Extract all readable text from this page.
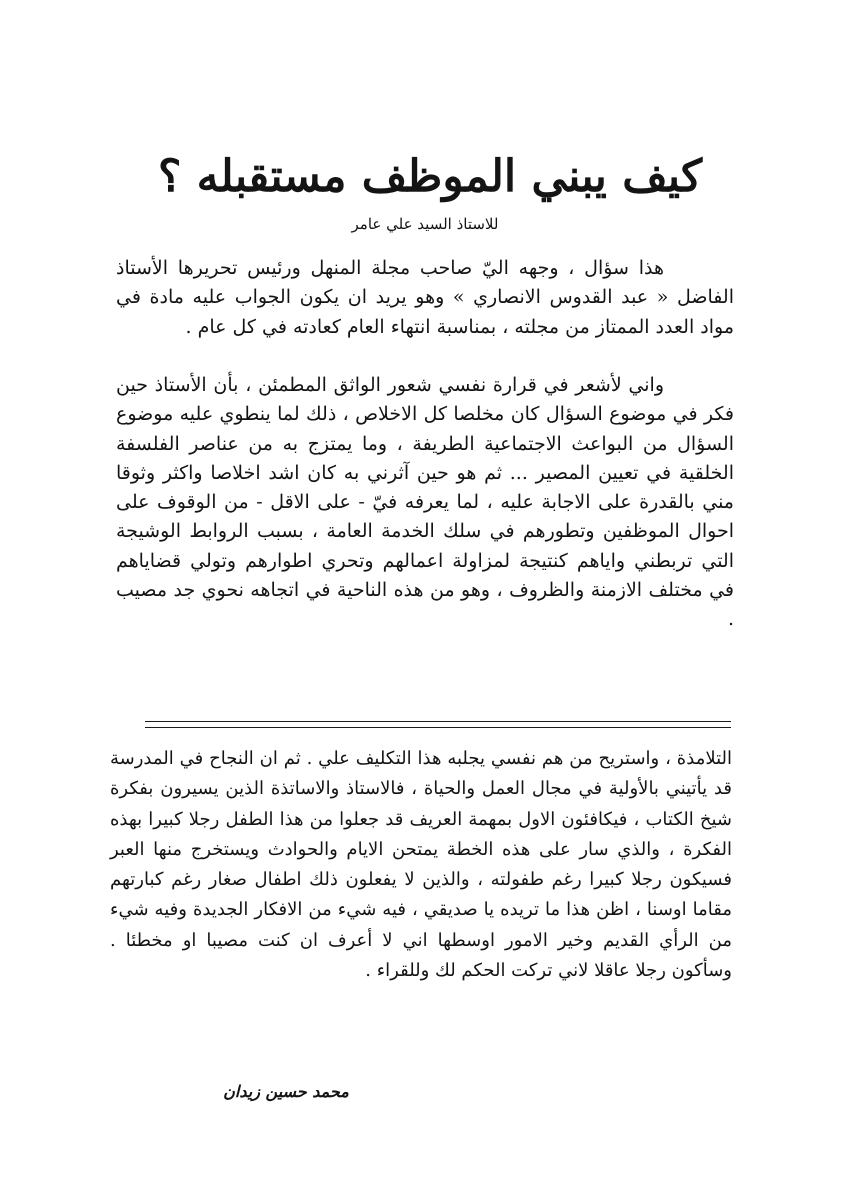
كيف يبني الموظف مستقبله ؟
للاستاذ السيد علي عامر

هذا سؤال ، وجهه اليّ صاحب مجلة المنهل ورئيس تحريرها الأستاذ الفاضل « عبد القدوس الانصاري » وهو يريد ان يكون الجواب عليه مادة في مواد العدد الممتاز من مجلته ، بمناسبة انتهاء العام كعادته في كل عام .

واني لأشعر في قرارة نفسي شعور الواثق المطمئن ، بأن الأستاذ حين فكر في موضوع السؤال كان مخلصا كل الاخلاص ، ذلك لما ينطوي عليه موضوع السؤال من البواعث الاجتماعية الطريفة ، وما يمتزج به من عناصر الفلسفة الخلقية في تعيين المصير ... ثم هو حين آثرني به كان اشد اخلاصا واكثر وثوقا مني بالقدرة على الاجابة عليه ، لما يعرفه فيّ - على الاقل - من الوقوف على احوال الموظفين وتطورهم في سلك الخدمة العامة ، بسبب الروابط الوشيجة التي تربطني واياهم كنتيجة لمزاولة اعمالهم وتحري اطوارهم وتولي قضاياهم في مختلف الازمنة والظروف ، وهو من هذه الناحية في اتجاهه نحوي جد مصيب .

التلامذة ، واستريح من هم نفسي يجلبه هذا التكليف علي . ثم ان النجاح في المدرسة قد يأتيني بالأولية في مجال العمل والحياة ، فالاستاذ والاساتذة الذين يسيرون بفكرة شيخ الكتاب ، فيكافئون الاول بمهمة العريف قد جعلوا من هذا الطفل رجلا كبيرا بهذه الفكرة ، والذي سار على هذه الخطة يمتحن الايام والحوادث ويستخرج منها العبر فسيكون رجلا كبيرا رغم طفولته ، والذين لا يفعلون ذلك اطفال صغار رغم كبارتهم مقاما اوسنا ، اظن هذا ما تريده يا صديقي ، فيه شيء من الافكار الجديدة وفيه شيء من الرأي القديم وخير الامور اوسطها اني لا أعرف ان كنت مصيبا او مخطئا . وسأكون رجلا عاقلا لاني تركت الحكم لك وللقراء .

محمد حسين زيدان
